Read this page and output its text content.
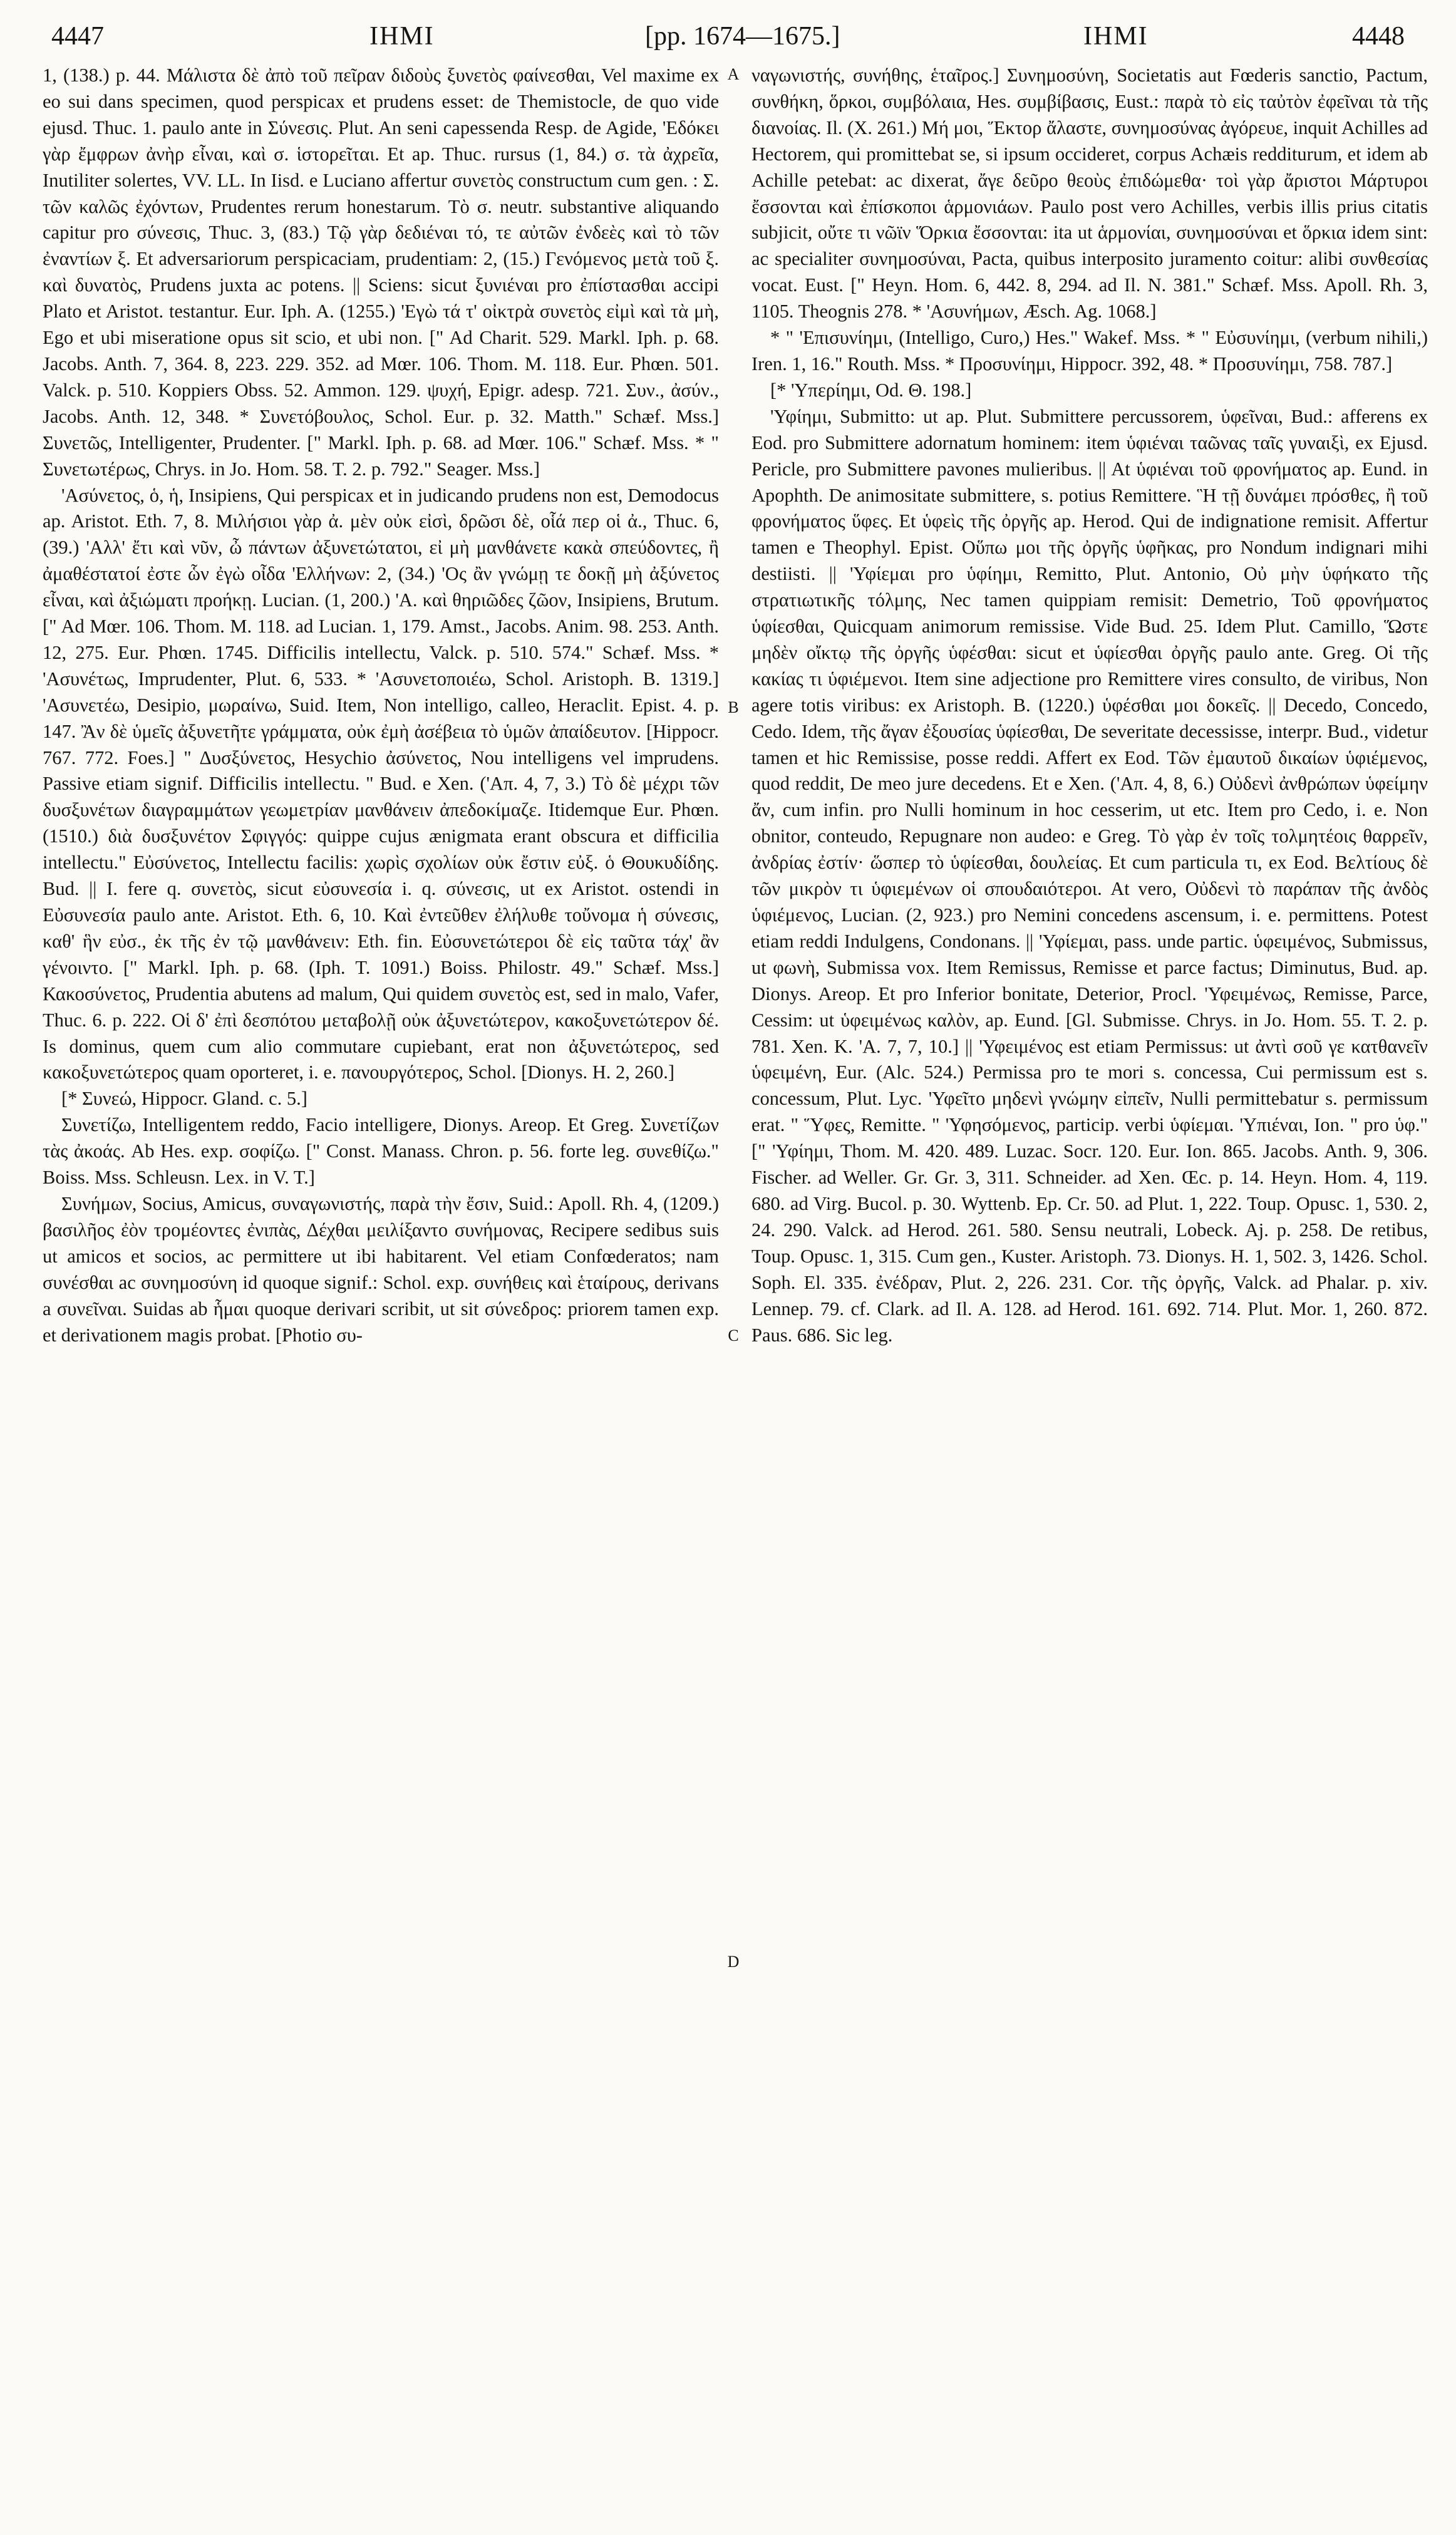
4447	IHMI	[pp. 1674—1675.]	IHMI	4448

1, (138.) p. 44. Μάλιστα δὲ ἀπὸ τοῦ πεῖραν διδοὺς ξυνετὸς φαίνεσθαι, Vel maxime ex eo sui dans specimen, quod perspicax et prudens esset: de Themistocle, de quo vide ejusd. Thuc. 1. paulo ante in Σύνεσις. Plut. An seni capessenda Resp. de Agide, 'Εδόκει γὰρ ἔμφρων ἀνὴρ εἶναι, καὶ σ. ἱστορεῖται. Et ap. Thuc. rursus (1, 84.) σ. τὰ ἀχρεῖα, Inutiliter solertes, VV. LL. In Iisd. e Luciano affertur συνετὸς constructum cum gen. : Σ. τῶν καλῶς ἐχόντων, Prudentes rerum honestarum. Τὸ σ. neutr. substantive aliquando capitur pro σύνεσις, Thuc. 3, (83.) Τῷ γὰρ δεδιέναι τό, τε αὐτῶν ἐνδεὲς καὶ τὸ τῶν ἐναντίων ξ. Et adversariorum perspicaciam, prudentiam: 2, (15.) Γενόμενος μετὰ τοῦ ξ. καὶ δυνατὸς, Prudens juxta ac potens. || Sciens: sicut ξυνιέναι pro ἐπίστασθαι accipi Plato et Aristot. testantur. Eur. Iph. A. (1255.) 'Εγὼ τά τ' οἰκτρὰ συνετὸς εἰμὶ καὶ τὰ μὴ, Ego et ubi miseratione opus sit scio, et ubi non. [" Ad Charit. 529. Markl. Iph. p. 68. Jacobs. Anth. 7, 364. 8, 223. 229. 352. ad Mœr. 106. Thom. M. 118. Eur. Phœn. 501. Valck. p. 510. Koppiers Obss. 52. Ammon. 129. ψυχή, Epigr. adesp. 721. Συν., ἀσύν., Jacobs. Anth. 12, 348. * Συνετόβουλος, Schol. Eur. p. 32. Matth." Schæf. Mss.] Συνετῶς, Intelligenter, Prudenter. [" Markl. Iph. p. 68. ad Mœr. 106." Schæf. Mss. * " Συνετωτέρως, Chrys. in Jo. Hom. 58. T. 2. p. 792." Seager. Mss.]

'Ασύνετος, ὁ, ἡ, Insipiens, Qui perspicax et in judicando prudens non est, Demodocus ap. Aristot. Eth. 7, 8. Μιλήσιοι γὰρ ἀ. μὲν οὐκ εἰσὶ, δρῶσι δὲ, οἷά περ οἱ ἀ., Thuc. 6, (39.) 'Αλλ' ἔτι καὶ νῦν, ὦ πάντων ἀξυνετώτατοι, εἰ μὴ μανθάνετε κακὰ σπεύδοντες, ἢ ἀμαθέστατοί ἐστε ὧν ἐγὼ οἶδα 'Ελλήνων: 2, (34.) 'Ος ἂν γνώμῃ τε δοκῇ μὴ ἀξύνετος εἶναι, καὶ ἀξιώματι προήκῃ. Lucian. (1, 200.) 'Α. καὶ θηριῶδες ζῶον, Insipiens, Brutum. [" Ad Mœr. 106. Thom. M. 118. ad Lucian. 1, 179. Amst., Jacobs. Anim. 98. 253. Anth. 12, 275. Eur. Phœn. 1745. Difficilis intellectu, Valck. p. 510. 574." Schæf. Mss. * 'Ασυνέτως, Imprudenter, Plut. 6, 533. * 'Ασυνετοποιέω, Schol. Aristoph. B. 1319.] 'Ασυνετέω, Desipio, μωραίνω, Suid. Item, Non intelligo, calleo, Heraclit. Epist. 4. p. 147. Ἂν δὲ ὑμεῖς ἀξυνετῆτε γράμματα, οὐκ ἐμὴ ἀσέβεια τὸ ὑμῶν ἀπαίδευτον. [Hippocr. 767. 772. Foes.] " Δυσξύνετος, Hesychio ἀσύνετος, Nou intelligens vel imprudens. Passive etiam signif. Difficilis intellectu. " Bud. e Xen. ('Απ. 4, 7, 3.) Τὸ δὲ μέχρι τῶν δυσξυνέτων διαγραμμάτων γεωμετρίαν μανθάνειν ἀπεδοκίμαζε. Itidemque Eur. Phœn. (1510.) διὰ δυσξυνέτον Σφιγγός: quippe cujus ænigmata erant obscura et difficilia intellectu." Εὐσύνετος, Intellectu facilis: χωρὶς σχολίων οὐκ ἔστιν εὐξ. ὁ Θουκυδίδης. Bud. || I. fere q. συνετὸς, sicut εὐσυνεσία i. q. σύνεσις, ut ex Aristot. ostendi in Εὐσυνεσία paulo ante. Aristot. Eth. 6, 10. Καὶ ἐντεῦθεν ἐλήλυθε τοὔνομα ἡ σύνεσις, καθ' ἣν εὐσ., ἐκ τῆς ἐν τῷ μανθάνειν: Eth. fin. Εὐσυνετώτεροι δὲ εἰς ταῦτα τάχ' ἂν γένοιντο. [" Markl. Iph. p. 68. (Iph. T. 1091.) Boiss. Philostr. 49." Schæf. Mss.] Κακοσύνετος, Prudentia abutens ad malum, Qui quidem συνετὸς est, sed in malo, Vafer, Thuc. 6. p. 222. Οἱ δ' ἐπὶ δεσπότου μεταβολῇ οὐκ ἀξυνετώτερον, κακοξυνετώτερον δέ. Is dominus, quem cum alio commutare cupiebant, erat non ἀξυνετώτερος, sed κακοξυνετώτερος quam oporteret, i. e. πανουργότερος, Schol. [Dionys. H. 2, 260.]

[* Συνεώ, Hippocr. Gland. c. 5.]

Συνετίζω, Intelligentem reddo, Facio intelligere, Dionys. Areop. Et Greg. Συνετίζων τὰς ἀκοάς. Ab Hes. exp. σοφίζω. [" Const. Manass. Chron. p. 56. forte leg. συνεθίζω." Boiss. Mss. Schleusn. Lex. in V. T.]

Συνήμων, Socius, Amicus, συναγωνιστής, παρὰ τὴν ἔσιν, Suid.: Apoll. Rh. 4, (1209.) βασιλῆος ἐὸν τρομέοντες ἐνιπὰς, Δέχθαι μειλίξαντο συνήμονας, Recipere sedibus suis ut amicos et socios, ac permittere ut ibi habitarent. Vel etiam Confœderatos; nam συνέσθαι ac συνημοσύνη id quoque signif.: Schol. exp. συνήθεις καὶ ἑταίρους, derivans a συνεῖναι. Suidas ab ἧμαι quoque derivari scribit, ut sit σύνεδρος: priorem tamen exp. et derivationem magis probat. [Photio συ-

A
B
C
D

ναγωνιστής, συνήθης, ἑταῖρος.] Συνημοσύνη, Societatis aut Fœderis sanctio, Pactum, συνθήκη, ὅρκοι, συμβόλαια, Hes. συμβίβασις, Eust.: παρὰ τὸ εἰς ταὐτὸν ἐφεῖναι τὰ τῆς διανοίας. Il. (X. 261.) Μή μοι, Ἕκτορ ἄλαστε, συνημοσύνας ἀγόρευε, inquit Achilles ad Hectorem, qui promittebat se, si ipsum occideret, corpus Achæis redditurum, et idem ab Achille petebat: ac dixerat, ἄγε δεῦρο θεοὺς ἐπιδώμεθα· τοὶ γὰρ ἄριστοι Μάρτυροι ἔσσονται καὶ ἐπίσκοποι ἁρμονιάων. Paulo post vero Achilles, verbis illis prius citatis subjicit, οὔτε τι νῶϊν Ὅρκια ἔσσονται: ita ut ἁρμονίαι, συνημοσύναι et ὅρκια idem sint: ac specialiter συνημοσύναι, Pacta, quibus interposito juramento coitur: alibi συνθεσίας vocat. Eust. [" Heyn. Hom. 6, 442. 8, 294. ad Il. N. 381." Schæf. Mss. Apoll. Rh. 3, 1105. Theognis 278. * 'Ασυνήμων, Æsch. Ag. 1068.]

* " 'Επισυνίημι, (Intelligo, Curo,) Hes." Wakef. Mss. * " Εὐσυνίημι, (verbum nihili,) Iren. 1, 16." Routh. Mss. * Προσυνίημι, Hippocr. 392, 48. * Προσυνίημι, 758. 787.]

[* 'Υπερίημι, Od. Θ. 198.]

'Υφίημι, Submitto: ut ap. Plut. Submittere percussorem, ὑφεῖναι, Bud.: afferens ex Eod. pro Submittere adornatum hominem: item ὑφιέναι ταῶνας ταῖς γυναιξὶ, ex Ejusd. Pericle, pro Submittere pavones mulieribus. || At ὑφιέναι τοῦ φρονήματος ap. Eund. in Apophth. De animositate submittere, s. potius Remittere. Ἣ τῇ δυνάμει πρόσθες, ἢ τοῦ φρονήματος ὕφες. Et ὑφεὶς τῆς ὀργῆς ap. Herod. Qui de indignatione remisit. Affertur tamen e Theophyl. Epist. Οὕπω μοι τῆς ὀργῆς ὑφῆκας, pro Nondum indignari mihi destiisti. || 'Υφίεμαι pro ὑφίημι, Remitto, Plut. Antonio, Οὐ μὴν ὑφήκατο τῆς στρατιωτικῆς τόλμης, Nec tamen quippiam remisit: Demetrio, Τοῦ φρονήματος ὑφίεσθαι, Quicquam animorum remissise. Vide Bud. 25. Idem Plut. Camillo, Ὥστε μηδὲν οἴκτῳ τῆς ὀργῆς ὑφέσθαι: sicut et ὑφίεσθαι ὀργῆς paulo ante. Greg. Οἱ τῆς κακίας τι ὑφιέμενοι. Item sine adjectione pro Remittere vires consulto, de viribus, Non agere totis viribus: ex Aristoph. B. (1220.) ὑφέσθαι μοι δοκεῖς. || Decedo, Concedo, Cedo. Idem, τῆς ἄγαν ἐξουσίας ὑφίεσθαι, De severitate decessisse, interpr. Bud., videtur tamen et hic Remissise, posse reddi. Affert ex Eod. Τῶν ἐμαυτοῦ δικαίων ὑφιέμενος, quod reddit, De meo jure decedens. Et e Xen. ('Απ. 4, 8, 6.) Οὐδενὶ ἀνθρώπων ὑφείμην ἄν, cum infin. pro Nulli hominum in hoc cesserim, ut etc. Item pro Cedo, i. e. Non obnitor, conteudo, Repugnare non audeo: e Greg. Τὸ γὰρ ἐν τοῖς τολμητέοις θαρρεῖν, ἀνδρίας ἐστίν· ὥσπερ τὸ ὑφίεσθαι, δουλείας. Et cum particula τι, ex Eod. Βελτίους δὲ τῶν μικρὸν τι ὑφιεμένων οἱ σπουδαιότεροι. At vero, Οὐδενὶ τὸ παράπαν τῆς ἀνδὸς ὑφιέμενος, Lucian. (2, 923.) pro Nemini concedens ascensum, i. e. permittens. Potest etiam reddi Indulgens, Condonans. || 'Υφίεμαι, pass. unde partic. ὑφειμένος, Submissus, ut φωνὴ, Submissa vox. Item Remissus, Remisse et parce factus; Diminutus, Bud. ap. Dionys. Areop. Et pro Inferior bonitate, Deterior, Procl. 'Υφειμένως, Remisse, Parce, Cessim: ut ὑφειμένως καλὸν, ap. Eund. [Gl. Submisse. Chrys. in Jo. Hom. 55. T. 2. p. 781. Xen. K. 'Α. 7, 7, 10.] || 'Υφειμένος est etiam Permissus: ut ἀντὶ σοῦ γε κατθανεῖν ὑφειμένη, Eur. (Alc. 524.) Permissa pro te mori s. concessa, Cui permissum est s. concessum, Plut. Lyc. 'Υφεῖτο μηδενὶ γνώμην εἰπεῖν, Nulli permittebatur s. permissum erat. " Ὕφες, Remitte. " 'Υφησόμενος, particip. verbi ὑφίεμαι. 'Υπιέναι, Ion. " pro ὑφ." [" 'Υφίημι, Thom. M. 420. 489. Luzac. Socr. 120. Eur. Ion. 865. Jacobs. Anth. 9, 306. Fischer. ad Weller. Gr. Gr. 3, 311. Schneider. ad Xen. Œc. p. 14. Heyn. Hom. 4, 119. 680. ad Virg. Bucol. p. 30. Wyttenb. Ep. Cr. 50. ad Plut. 1, 222. Toup. Opusc. 1, 530. 2, 24. 290. Valck. ad Herod. 261. 580. Sensu neutrali, Lobeck. Aj. p. 258. De retibus, Toup. Opusc. 1, 315. Cum gen., Kuster. Aristoph. 73. Dionys. H. 1, 502. 3, 1426. Schol. Soph. El. 335. ἐνέδραν, Plut. 2, 226. 231. Cor. τῆς ὀργῆς, Valck. ad Phalar. p. xiv. Lennep. 79. cf. Clark. ad Il. A. 128. ad Herod. 161. 692. 714. Plut. Mor. 1, 260. 872. Paus. 686. Sic leg.
